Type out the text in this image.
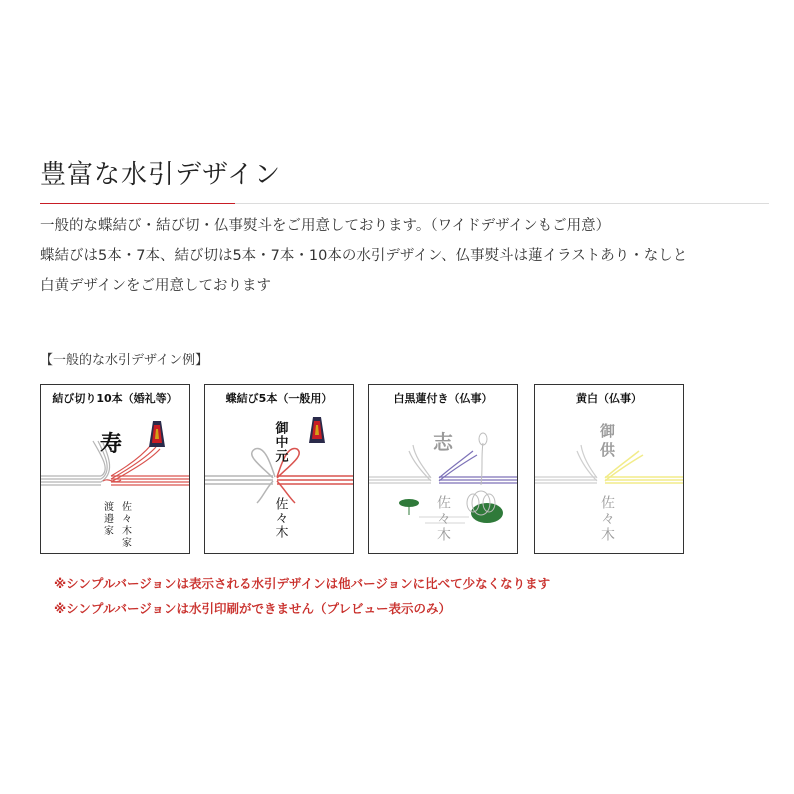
豊富な水引デザイン
一般的な蝶結び・結び切・仏事熨斗をご用意しております。（ワイドデザインもご用意）
蝶結びは5本・7本、結び切は5本・7本・10本の水引デザイン、仏事熨斗は蓮イラストあり・なしと
白黄デザインをご用意しております
【一般的な水引デザイン例】
寿
佐々木家
渡邉家
結び切り10本（婚礼等）
御中元
佐々木
蝶結び5本（一般用）
志
佐々木
白黒蓮付き（仏事）
御供
佐々木
黄白（仏事）
※シンプルバージョンは表示される水引デザインは他バージョンに比べて少なくなります
※シンプルバージョンは水引印刷ができません（プレビュー表示のみ）
